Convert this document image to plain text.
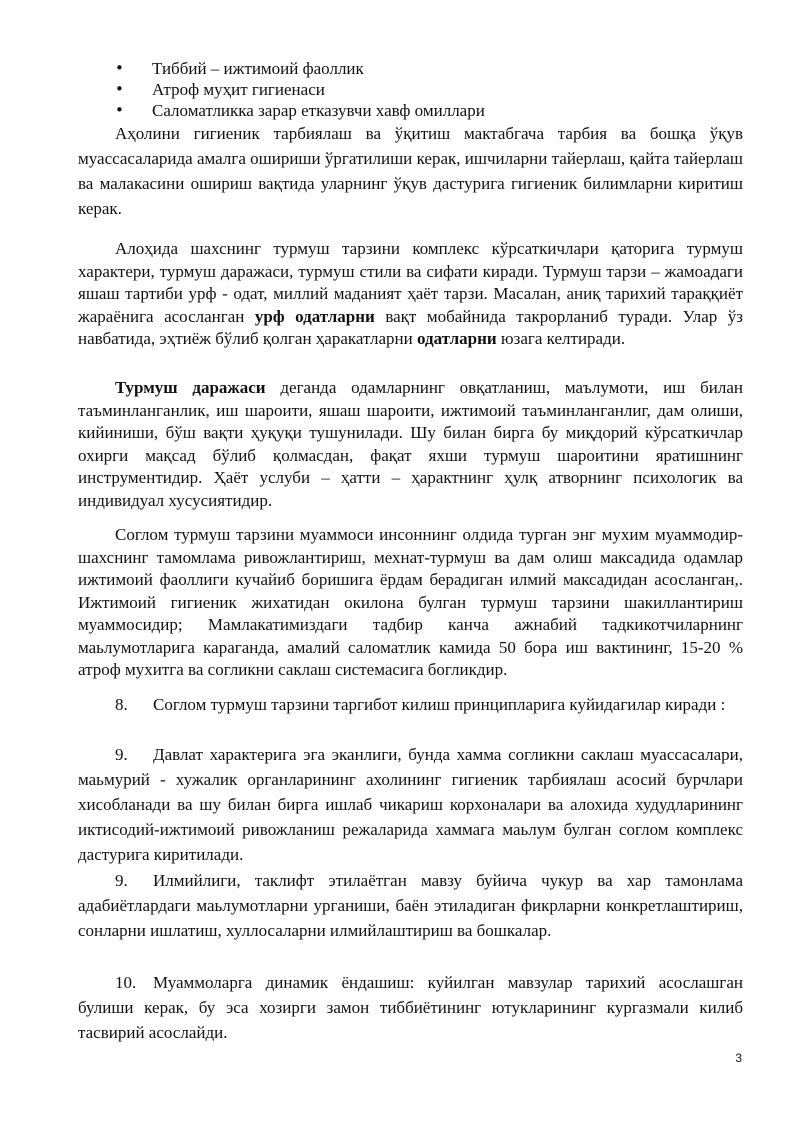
• Тиббий – ижтимоий фаоллик
• Атроф муҳит гигиенаси
• Саломатликка зарар етказувчи хавф омиллари

Аҳолини гигиеник тарбиялаш ва ўқитиш мактабгача тарбия ва бошқа ўқув муассасаларида амалга ошириши ўргатилиши керак, ишчиларни тайерлаш, қайта тайерлаш ва малакасини ошириш вақтида уларнинг ўқув дастурига гигиеник билимларни киритиш керак.

Алоҳида шахснинг турмуш тарзини комплекс кўрсаткичлари қаторига турмуш характери, турмуш даражаси, турмуш стили ва сифати киради. Турмуш тарзи – жамоадаги яшаш тартиби урф - одат, миллий маданият ҳаёт тарзи. Масалан, аниқ тарихий тараққиёт жараёнига асосланган урф одатларни вақт мобайнида такрорланиб туради. Улар ўз навбатида, эҳтиёж бўлиб қолган ҳаракатларни одатларни юзага келтиради.

Турмуш даражаси деганда одамларнинг овқатланиш, маълумоти, иш билан таъминланганлик, иш шароити, яшаш шароити, ижтимоий таъминланганлиг, дам олиши, кийиниши, бўш вақти ҳуқуқи тушунилади. Шу билан бирга бу миқдорий кўрсаткичлар охирги мақсад бўлиб қолмасдан, фақат яхши турмуш шароитини яратишнинг инструментидир. Ҳаёт услуби – ҳатти – ҳарактнинг ҳулқ атворнинг психологик ва индивидуал хусусиятидир.

Соглом турмуш тарзини муаммоси инсоннинг олдида турган энг мухим муаммодир-шахснинг тамомлама ривожлантириш, мехнат-турмуш ва дам олиш максадида одамлар ижтимоий фаоллиги кучайиб боришига ёрдам берадиган илмий максадидан асосланган,. Ижтимоий гигиеник жихатидан окилона булган турмуш тарзини шакиллантириш муаммосидир; Мамлакатимиздаги тадбир канча ажнабий тадкикотчиларнинг маьлумотларига караганда, амалий саломатлик камида 50 бора иш вактининг, 15-20 % атроф мухитга ва согликни саклаш системасига богликдир.

8. Соглом турмуш тарзини таргибот килиш принципларига куйидагилар киради :

9. Давлат характерига эга эканлиги, бунда хамма согликни саклаш муассасалари, маьмурий - хужалик органларининг ахолининг гигиеник тарбиялаш асосий бурчлари хисобланади ва шу билан бирга ишлаб чикариш корхоналари ва алохида худудларининг иктисодий-ижтимоий ривожланиш режаларида хаммага маьлум булган соглом комплекс дастурига киритилади.

9. Илмийлиги, таклифт этилаётган мавзу буйича чукур ва хар тамонлама адабиётлардаги маьлумотларни урганиши, баён этиладиган фикрларни конкретлаштириш, сонларни ишлатиш, хуллосаларни илмийлаштириш ва бошкалар.

10. Муаммоларга динамик ёндашиш: куйилган мавзулар тарихий асослашган булиши керак, бу эса хозирги замон тиббиётининг ютукларининг кургазмали килиб тасвирий асослайди.

3
